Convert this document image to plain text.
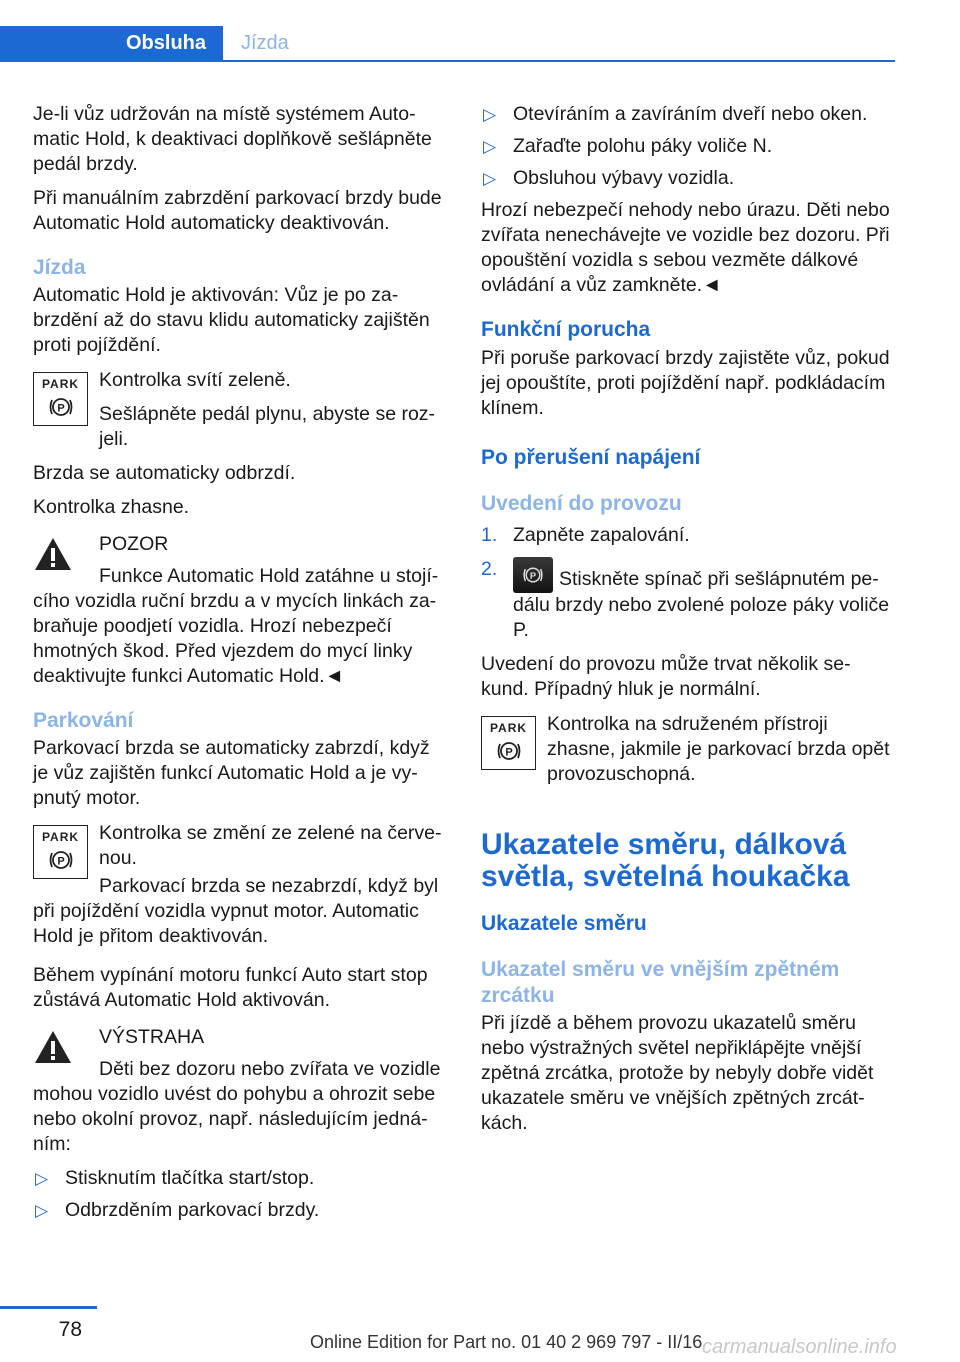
Obsluha	Jízda

Je-li vůz udržován na místě systémem Auto‐matic Hold, k deaktivaci doplňkově sešlápněte pedál brzdy.

Při manuálním zabrzdění parkovací brzdy bude Automatic Hold automaticky deaktivován.

Jízda

Automatic Hold je aktivován: Vůz je po za‐brzdění až do stavu klidu automaticky zajištěn proti pojíždění.

PARK
P

Kontrolka svítí zeleně.

Sešlápněte pedál plynu, abyste se roz‐jeli.

Brzda se automaticky odbrzdí.

Kontrolka zhasne.

POZOR

Funkce Automatic Hold zatáhne u stojí‐cího vozidla ruční brzdu a v mycích linkách za‐braňuje poodjetí vozidla. Hrozí nebezpečí hmotných škod. Před vjezdem do mycí linky deaktivujte funkci Automatic Hold.◄

Parkování

Parkovací brzda se automaticky zabrzdí, když je vůz zajištěn funkcí Automatic Hold a je vy‐pnutý motor.

PARK
P

Kontrolka se změní ze zelené na červe‐nou.

Parkovací brzda se nezabrzdí, když byl při pojíždění vozidla vypnut motor. Automatic Hold je přitom deaktivován.

Během vypínání motoru funkcí Auto start stop zůstává Automatic Hold aktivován.

VÝSTRAHA

Děti bez dozoru nebo zvířata ve vozidle mohou vozidlo uvést do pohybu a ohrozit sebe nebo okolní provoz, např. následujícím jedná‐ním:

▷ Stisknutím tlačítka start/stop.
▷ Odbrzděním parkovací brzdy.
▷ Otevíráním a zavíráním dveří nebo oken.
▷ Zařaďte polohu páky voliče N.
▷ Obsluhou výbavy vozidla.

Hrozí nebezpečí nehody nebo úrazu. Děti nebo zvířata nenechávejte ve vozidle bez dozoru. Při opouštění vozidla s sebou vezměte dálkové ovládání a vůz zamkněte.◄

Funkční porucha

Při poruše parkovací brzdy zajistěte vůz, pokud jej opouštíte, proti pojíždění např. podkládacím klínem.

Po přerušení napájení
Uvedení do provozu
1. Zapněte zapalování.
2.	P Stiskněte spínač při sešlápnutém pe‐dálu brzdy nebo zvolené poloze páky voliče P.

Uvedení do provozu může trvat několik se‐kund. Případný hluk je normální.

PARK
P

Kontrolka na sdruženém přístroji zhasne, jakmile je parkovací brzda opět provozuschopná.

Ukazatele směru, dálková světla, světelná houkačka
Ukazatele směru
Ukazatel směru ve vnějším zpětném zrcátku

Při jízdě a během provozu ukazatelů směru nebo výstražných světel nepřiklápějte vnější zpětná zrcátka, protože by nebyly dobře vidět ukazatele směru ve vnějších zpětných zrcát‐kách.

78
Online Edition for Part no. 01 40 2 969 797 - II/16 carmanualsonline.info
